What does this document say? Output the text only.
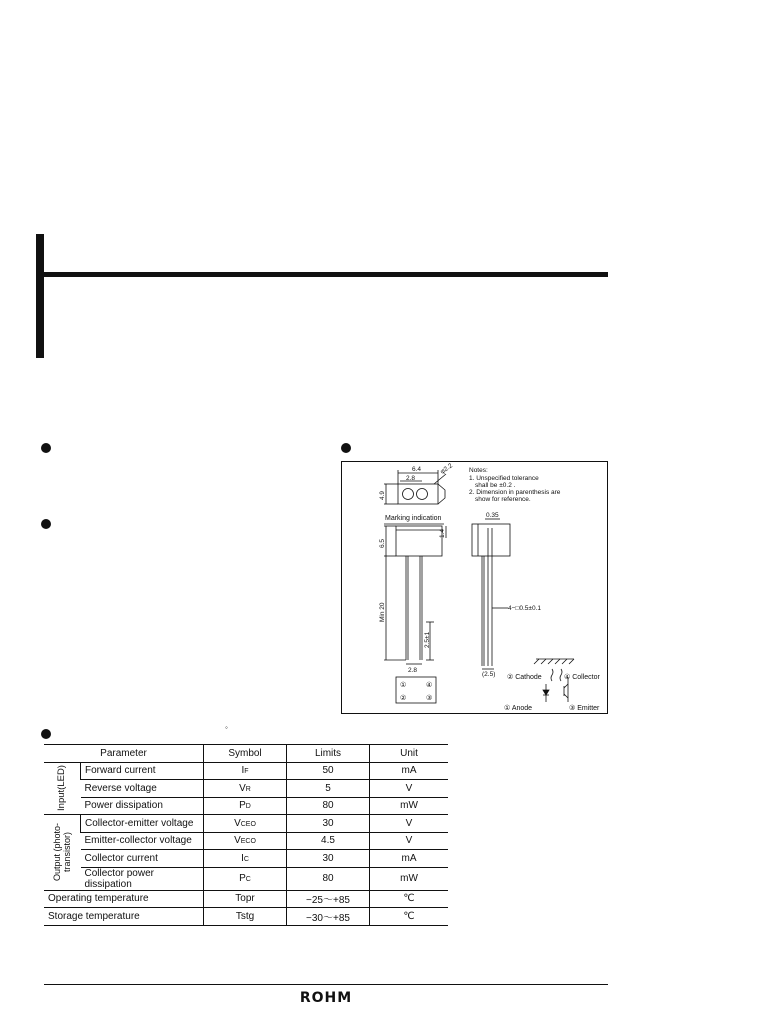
◦
6.4
2.8
φ2.2
4.9
Marking indication
6.5
1.4
Min 20
2.5±1
2.8
①	④
②	③
0.35
4−□0.5±0.1
(2.5)
Notes:
1. Unspecified tolerance
shall be ±0.2 .
2. Dimension in parenthesis are
show for reference.
② Cathode	④ Collector
① Anode	③ Emitter
Parameter		Symbol	Limits	Unit

Input(LED)	Forward current	IF	50	mA
	Reverse voltage	VR	5	V
	Power dissipation	PD	80	mW

Output (photo- transistor)	Collector-emitter voltage	VCEO	30	V
	Emitter-collector voltage	VECO	4.5	V
	Collector current	IC	30	mA
	Collector power dissipation	PC	80	mW
Operating temperature		Topr	−25〜+85	℃
Storage temperature		Tstg	−30〜+85	℃
ROHM
